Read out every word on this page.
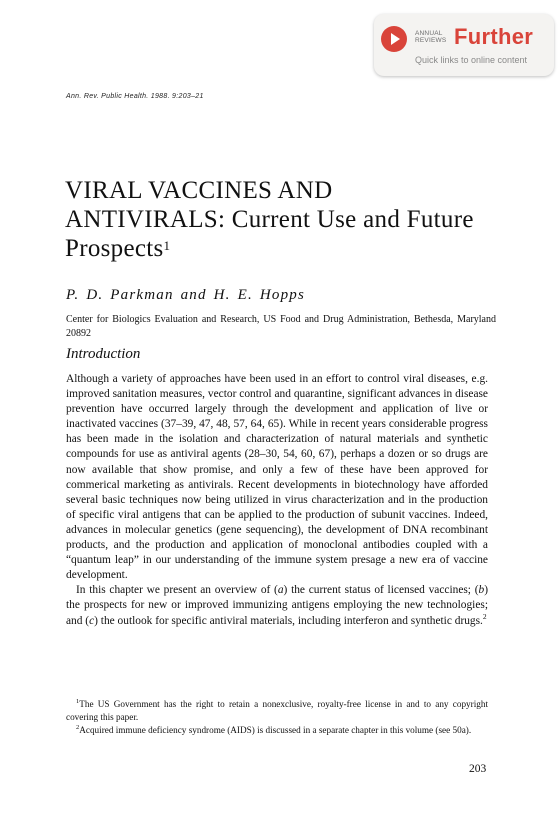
ANNUAL
REVIEWS Further
Quick links to online content
Ann. Rev. Public Health. 1988. 9:203–21
VIRAL VACCINES AND
ANTIVIRALS: Current Use and Future
Prospects$^1$
P. D. Parkman and H. E. Hopps
Center for Biologics Evaluation and Research, US Food and Drug Administration, Bethesda, Maryland 20892
Introduction

Although a variety of approaches have been used in an effort to control viral diseases, e.g. improved sanitation measures, vector control and quarantine, significant advances in disease prevention have occurred largely through the development and application of live or inactivated vaccines (37–39, 47, 48, 57, 64, 65). While in recent years considerable progress has been made in the isolation and characterization of natural materials and synthetic compounds for use as antiviral agents (28–30, 54, 60, 67), perhaps a dozen or so drugs are now available that show promise, and only a few of these have been approved for commerical marketing as antivirals. Recent developments in biotechnology have afforded several basic techniques now being utilized in virus characterization and in the production of specific viral antigens that can be applied to the production of subunit vaccines. Indeed, advances in molecular genetics (gene sequencing), the development of DNA recombinant products, and the production and application of monoclonal antibodies coupled with a “quantum leap” in our understanding of the immune system presage a new era of vaccine development.

In this chapter we present an overview of (a) the current status of licensed vaccines; (b) the prospects for new or improved immunizing antigens employing the new technologies; and (c) the outlook for specific antiviral materials, including interferon and synthetic drugs.$^2$

$^1$The US Government has the right to retain a nonexclusive, royalty-free license in and to any copyright covering this paper.

$^2$Acquired immune deficiency syndrome (AIDS) is discussed in a separate chapter in this volume (see 50a).

203
